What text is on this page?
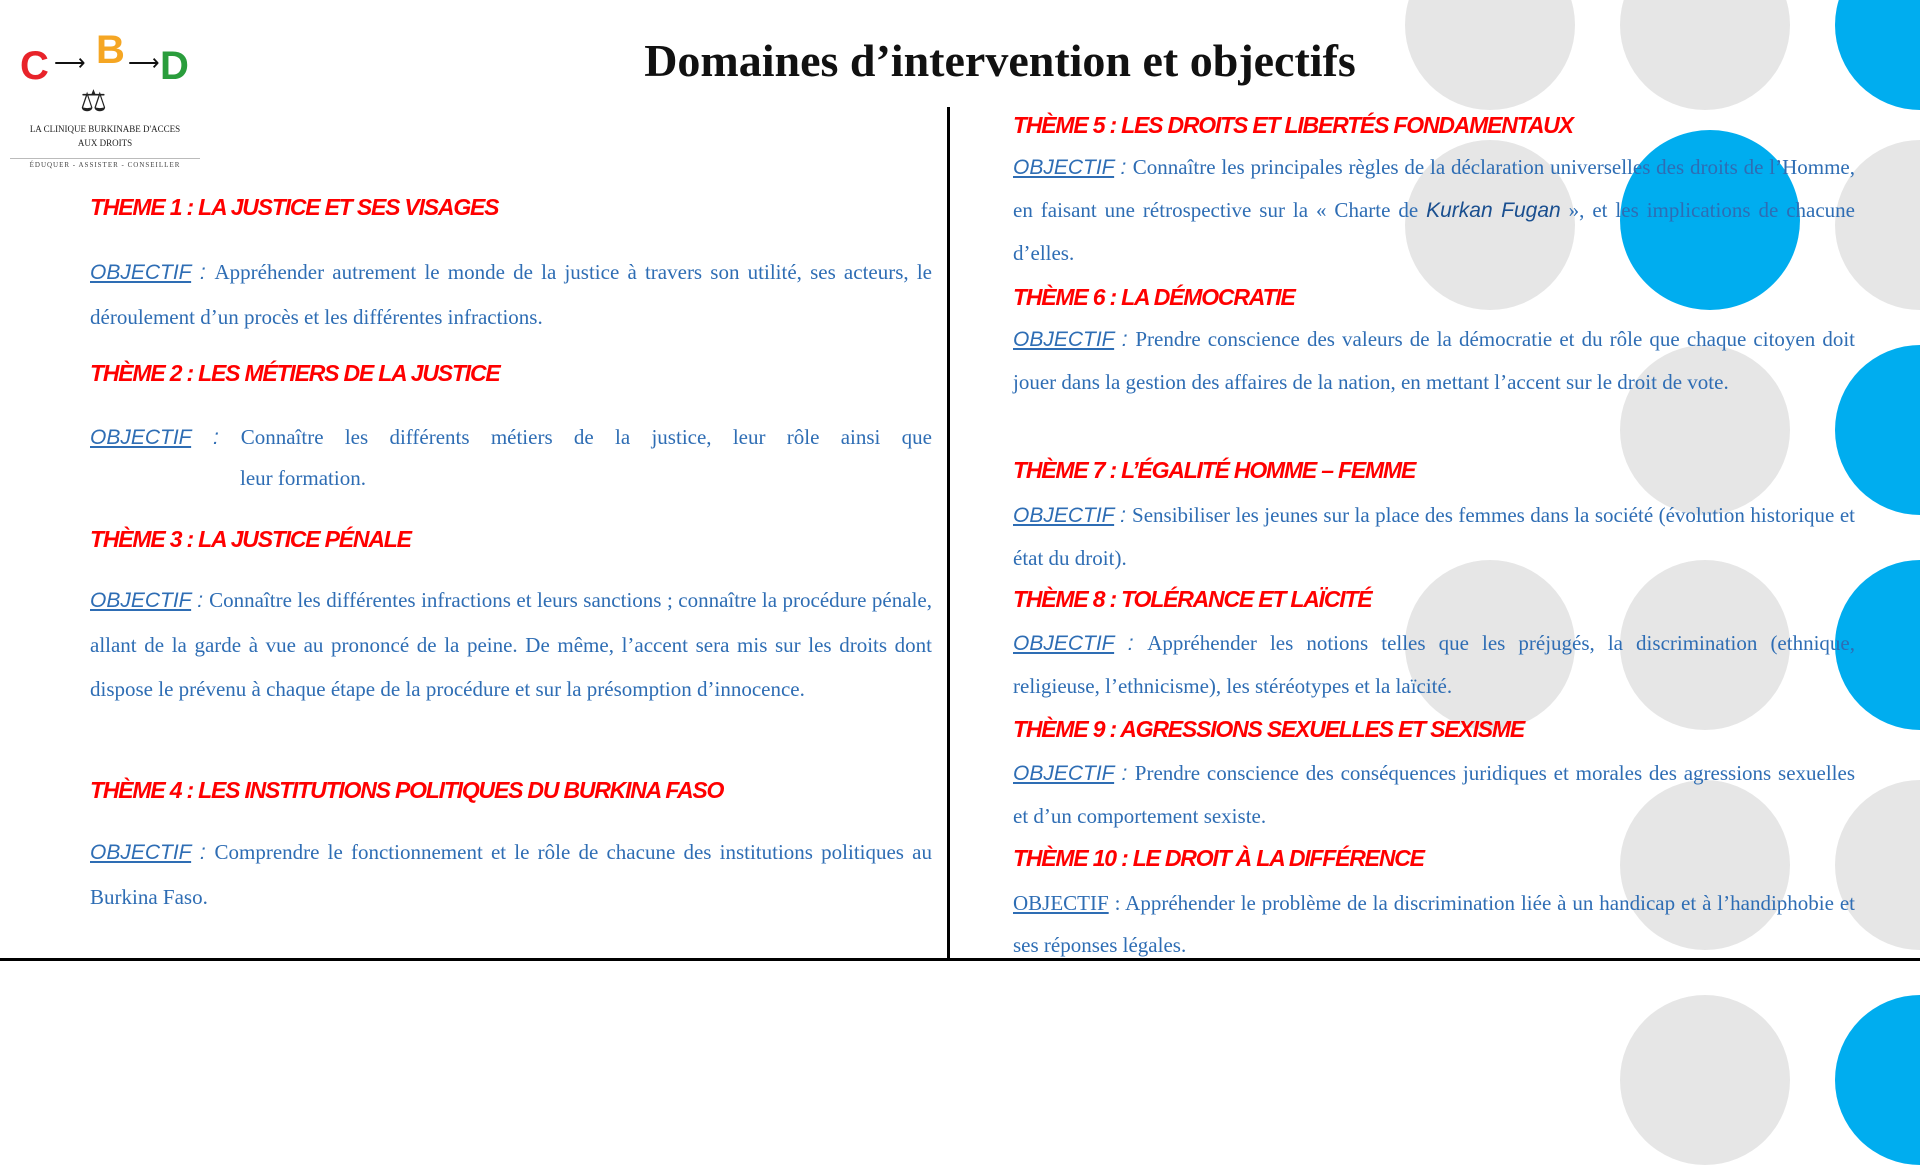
C ⟶ B ⟶ D
⚖
LA CLINIQUE BURKINABE D'ACCES
AUX DROITS
ÉDUQUER - ASSISTER - CONSEILLER
Domaines d’intervention et objectifs
THEME 1 : LA JUSTICE ET SES VISAGES
OBJECTIF : Appréhender autrement le monde de la justice à travers son utilité, ses acteurs, le déroulement d’un procès et les différentes infractions.
THÈME 2 : LES MÉTIERS DE LA JUSTICE
OBJECTIF : Connaître les différents métiers de la justice, leur rôle ainsi que
leur formation.
THÈME 3 : LA JUSTICE PÉNALE
OBJECTIF : Connaître les différentes infractions et leurs sanctions ; connaître la procédure pénale, allant de la garde à vue au prononcé de la peine. De même, l’accent sera mis sur les droits dont dispose le prévenu à chaque étape de la procédure et sur la présomption d’innocence.
THÈME 4 : LES INSTITUTIONS POLITIQUES DU BURKINA FASO
OBJECTIF : Comprendre le fonctionnement et le rôle de chacune des institutions politiques au Burkina Faso.
THÈME 5 : LES DROITS ET LIBERTÉS FONDAMENTAUX
OBJECTIF : Connaître les principales règles de la déclaration universelles des droits de l’Homme, en faisant une rétrospective sur la « Charte de Kurkan Fugan », et les implications de chacune d’elles.
THÈME 6 : LA DÉMOCRATIE
OBJECTIF : Prendre conscience des valeurs de la démocratie et du rôle que chaque citoyen doit jouer dans la gestion des affaires de la nation, en mettant l’accent sur le droit de vote.
THÈME 7 : L’ÉGALITÉ HOMME – FEMME
OBJECTIF : Sensibiliser les jeunes sur la place des femmes dans la société (évolution historique et état du droit).
THÈME 8 : TOLÉRANCE ET LAÏCITÉ
OBJECTIF : Appréhender les notions telles que les préjugés, la discrimination (ethnique, religieuse, l’ethnicisme), les stéréotypes et la laïcité.
THÈME 9 : AGRESSIONS SEXUELLES ET SEXISME
OBJECTIF : Prendre conscience des conséquences juridiques et morales des agressions sexuelles et d’un comportement sexiste.
THÈME 10 : LE DROIT À LA DIFFÉRENCE
OBJECTIF : Appréhender le problème de la discrimination liée à un handicap et à l’handiphobie et ses réponses légales.
